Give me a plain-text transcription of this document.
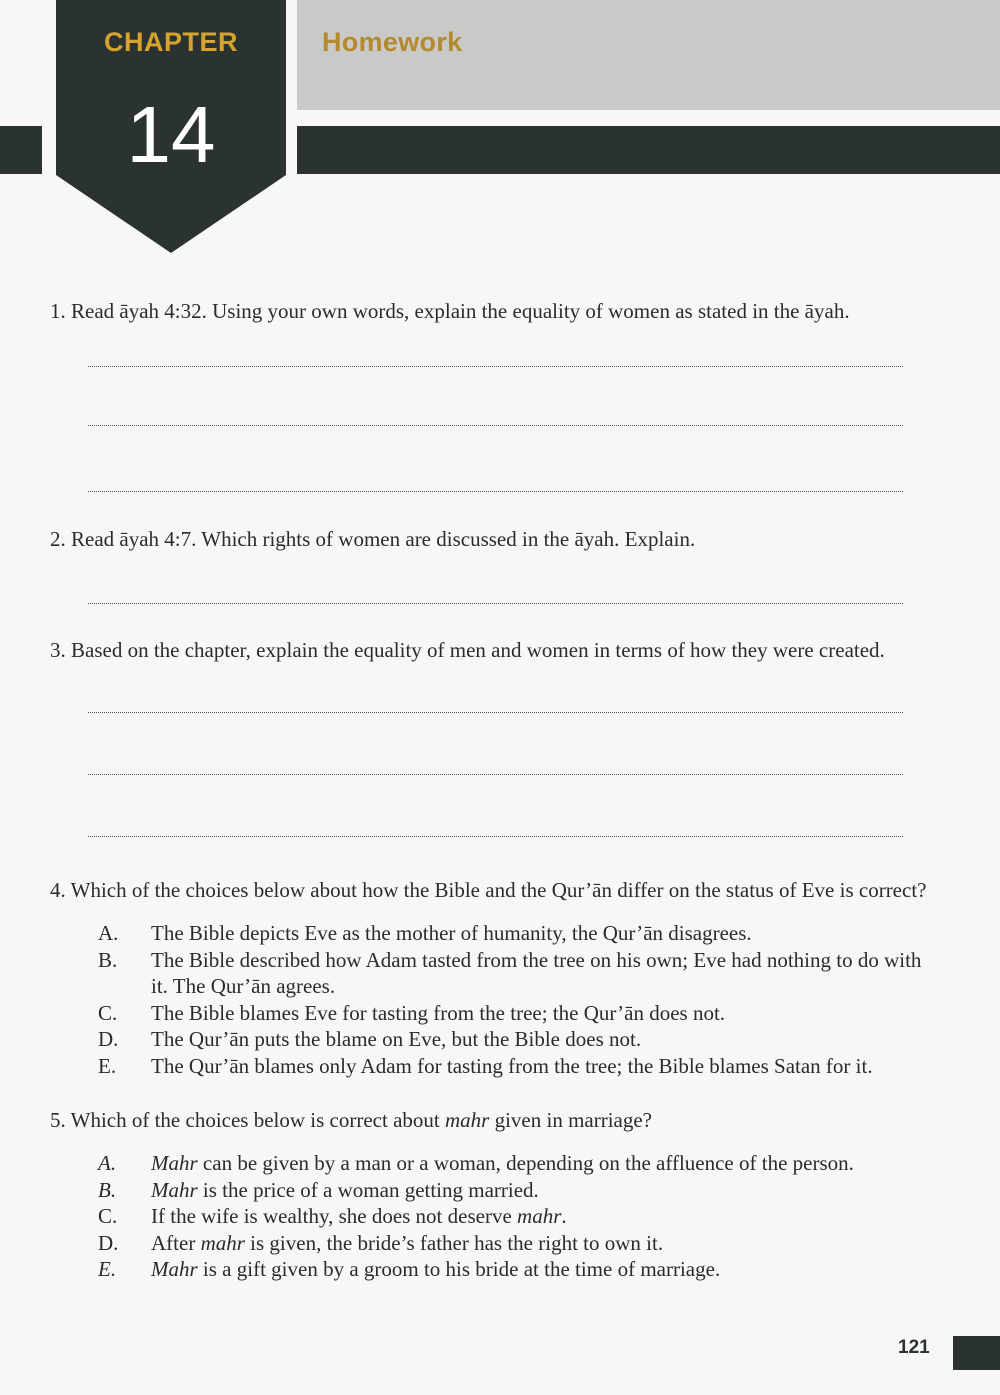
CHAPTER
14
Homework
1. Read āyah 4:32. Using your own words, explain the equality of women as stated in the āyah.
2. Read āyah 4:7. Which rights of women are discussed in the āyah. Explain.
3. Based on the chapter, explain the equality of men and women in terms of how they were created.
4. Which of the choices below about how the Bible and the Qur’ān differ on the status of Eve is correct?
A.	The Bible depicts Eve as the mother of humanity, the Qur’ān disagrees.
B.	The Bible described how Adam tasted from the tree on his own; Eve had nothing to do with it. The Qur’ān agrees.
C.	The Bible blames Eve for tasting from the tree; the Qur’ān does not.
D.	The Qur’ān puts the blame on Eve, but the Bible does not.
E.	The Qur’ān blames only Adam for tasting from the tree; the Bible blames Satan for it.
5. Which of the choices below is correct about mahr given in marriage?
A.	Mahr can be given by a man or a woman, depending on the affluence of the person.
B.	Mahr is the price of a woman getting married.
C.	If the wife is wealthy, she does not deserve mahr.
D.	After mahr is given, the bride’s father has the right to own it.
E.	Mahr is a gift given by a groom to his bride at the time of marriage.
121
